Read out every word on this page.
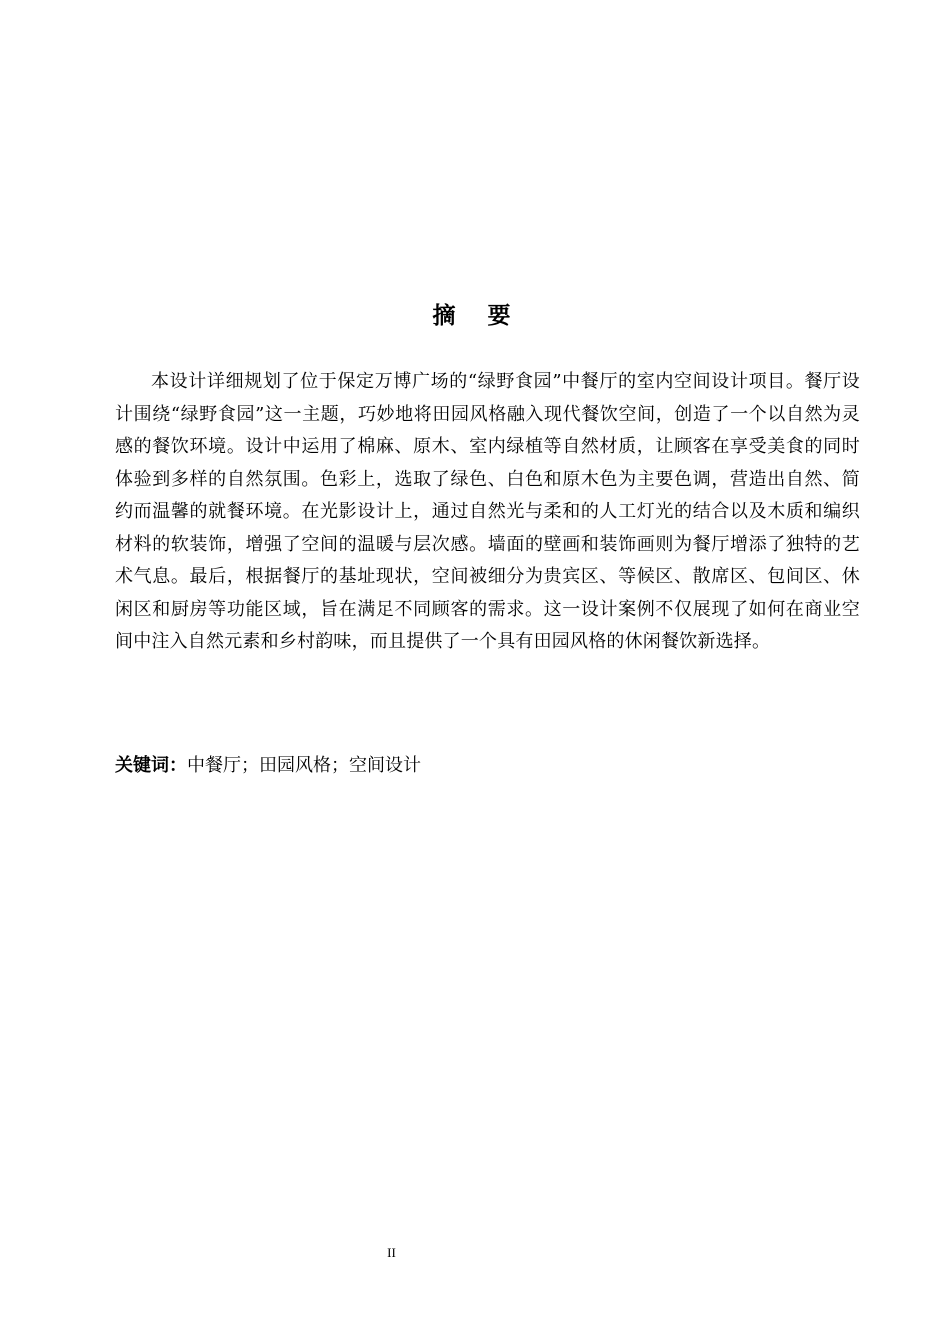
摘要

本设计详细规划了位于保定万博广场的“绿野食园”中餐厅的室内空间设计项目。餐厅设计围绕“绿野食园”这一主题，巧妙地将田园风格融入现代餐饮空间，创造了一个以自然为灵感的餐饮环境。设计中运用了棉麻、原木、室内绿植等自然材质，让顾客在享受美食的同时体验到多样的自然氛围。色彩上，选取了绿色、白色和原木色为主要色调，营造出自然、简约而温馨的就餐环境。在光影设计上，通过自然光与柔和的人工灯光的结合以及木质和编织材料的软装饰，增强了空间的温暖与层次感。墙面的壁画和装饰画则为餐厅增添了独特的艺术气息。最后，根据餐厅的基址现状，空间被细分为贵宾区、等候区、散席区、包间区、休闲区和厨房等功能区域，旨在满足不同顾客的需求。这一设计案例不仅展现了如何在商业空间中注入自然元素和乡村韵味，而且提供了一个具有田园风格的休闲餐饮新选择。

关键词：中餐厅；田园风格；空间设计

II
